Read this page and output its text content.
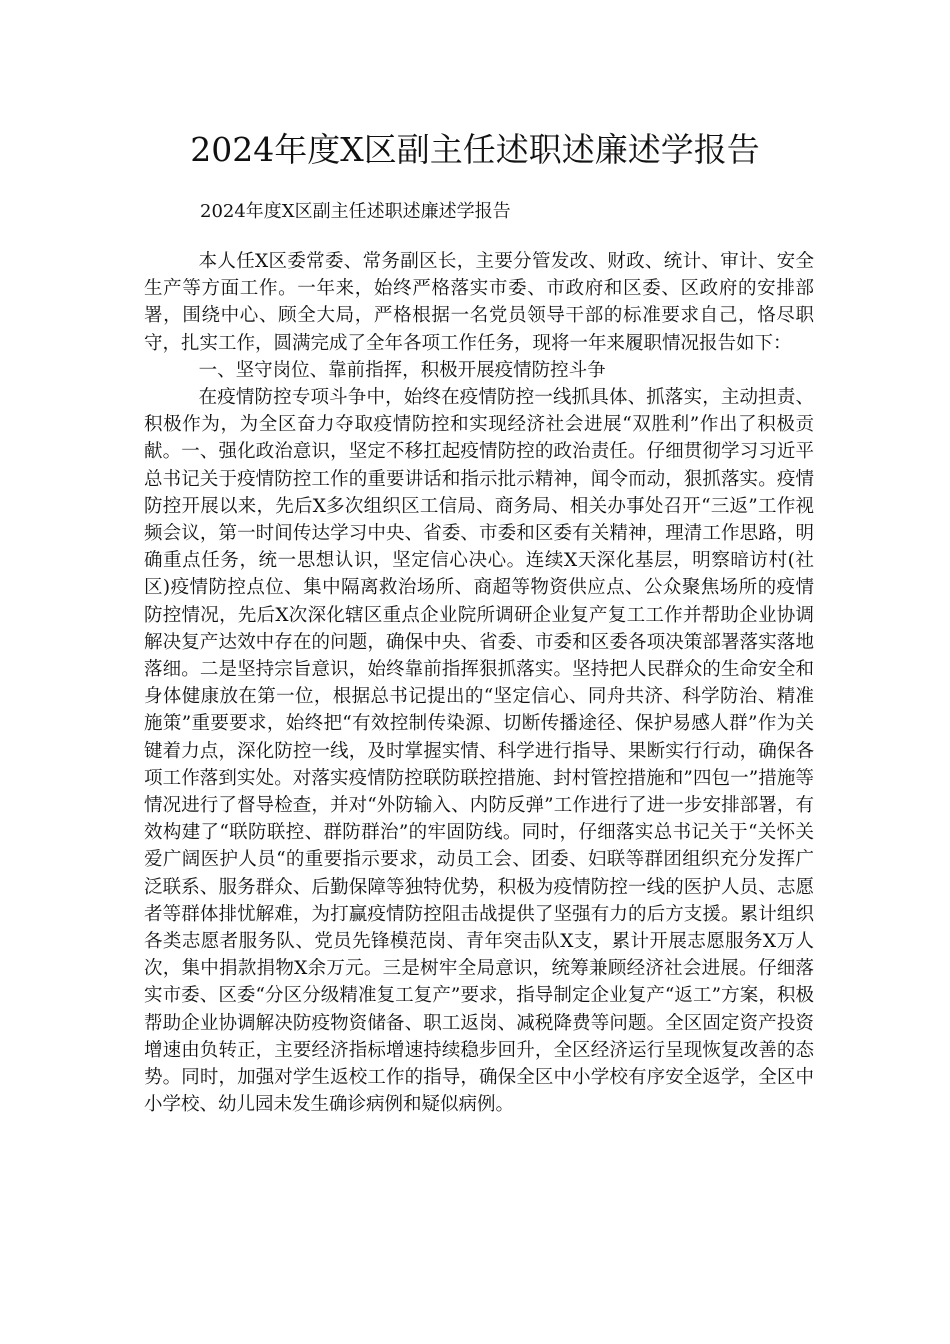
2024年度X区副主任述职述廉述学报告
2024年度X区副主任述职述廉述学报告

本人任X区委常委、常务副区长，主要分管发改、财政、统计、审计、安全生产等方面工作。一年来，始终严格落实市委、市政府和区委、区政府的安排部署，围绕中心、顾全大局，严格根据一名党员领导干部的标准要求自己，恪尽职守，扎实工作，圆满完成了全年各项工作任务，现将一年来履职情况报告如下：

一、坚守岗位、靠前指挥，积极开展疫情防控斗争

在疫情防控专项斗争中，始终在疫情防控一线抓具体、抓落实，主动担责、积极作为，为全区奋力夺取疫情防控和实现经济社会进展“双胜利”作出了积极贡献。一、强化政治意识，坚定不移扛起疫情防控的政治责任。仔细贯彻学习习近平总书记关于疫情防控工作的重要讲话和指示批示精神，闻令而动，狠抓落实。疫情防控开展以来，先后X多次组织区工信局、商务局、相关办事处召开“三返”工作视频会议，第一时间传达学习中央、省委、市委和区委有关精神，理清工作思路，明确重点任务，统一思想认识，坚定信心决心。连续X天深化基层，明察暗访村(社区)疫情防控点位、集中隔离救治场所、商超等物资供应点、公众聚焦场所的疫情防控情况，先后X次深化辖区重点企业院所调研企业复产复工工作并帮助企业协调解决复产达效中存在的问题，确保中央、省委、市委和区委各项决策部署落实落地落细。二是坚持宗旨意识，始终靠前指挥狠抓落实。坚持把人民群众的生命安全和身体健康放在第一位，根据总书记提出的“坚定信心、同舟共济、科学防治、精准施策”重要要求，始终把“有效控制传染源、切断传播途径、保护易感人群”作为关键着力点，深化防控一线，及时掌握实情、科学进行指导、果断实行行动，确保各项工作落到实处。对落实疫情防控联防联控措施、封村管控措施和”四包一”措施等情况进行了督导检查，并对“外防输入、内防反弹”工作进行了进一步安排部署，有效构建了“联防联控、群防群治”的牢固防线。同时，仔细落实总书记关于“关怀关爱广阔医护人员“的重要指示要求，动员工会、团委、妇联等群团组织充分发挥广泛联系、服务群众、后勤保障等独特优势，积极为疫情防控一线的医护人员、志愿者等群体排忧解难，为打赢疫情防控阻击战提供了坚强有力的后方支援。累计组织各类志愿者服务队、党员先锋模范岗、青年突击队X支，累计开展志愿服务X万人次，集中捐款捐物X余万元。三是树牢全局意识，统筹兼顾经济社会进展。仔细落实市委、区委“分区分级精准复工复产”要求，指导制定企业复产“返工”方案，积极帮助企业协调解决防疫物资储备、职工返岗、减税降费等问题。全区固定资产投资增速由负转正，主要经济指标增速持续稳步回升，全区经济运行呈现恢复改善的态势。同时，加强对学生返校工作的指导，确保全区中小学校有序安全返学，全区中小学校、幼儿园未发生确诊病例和疑似病例。
